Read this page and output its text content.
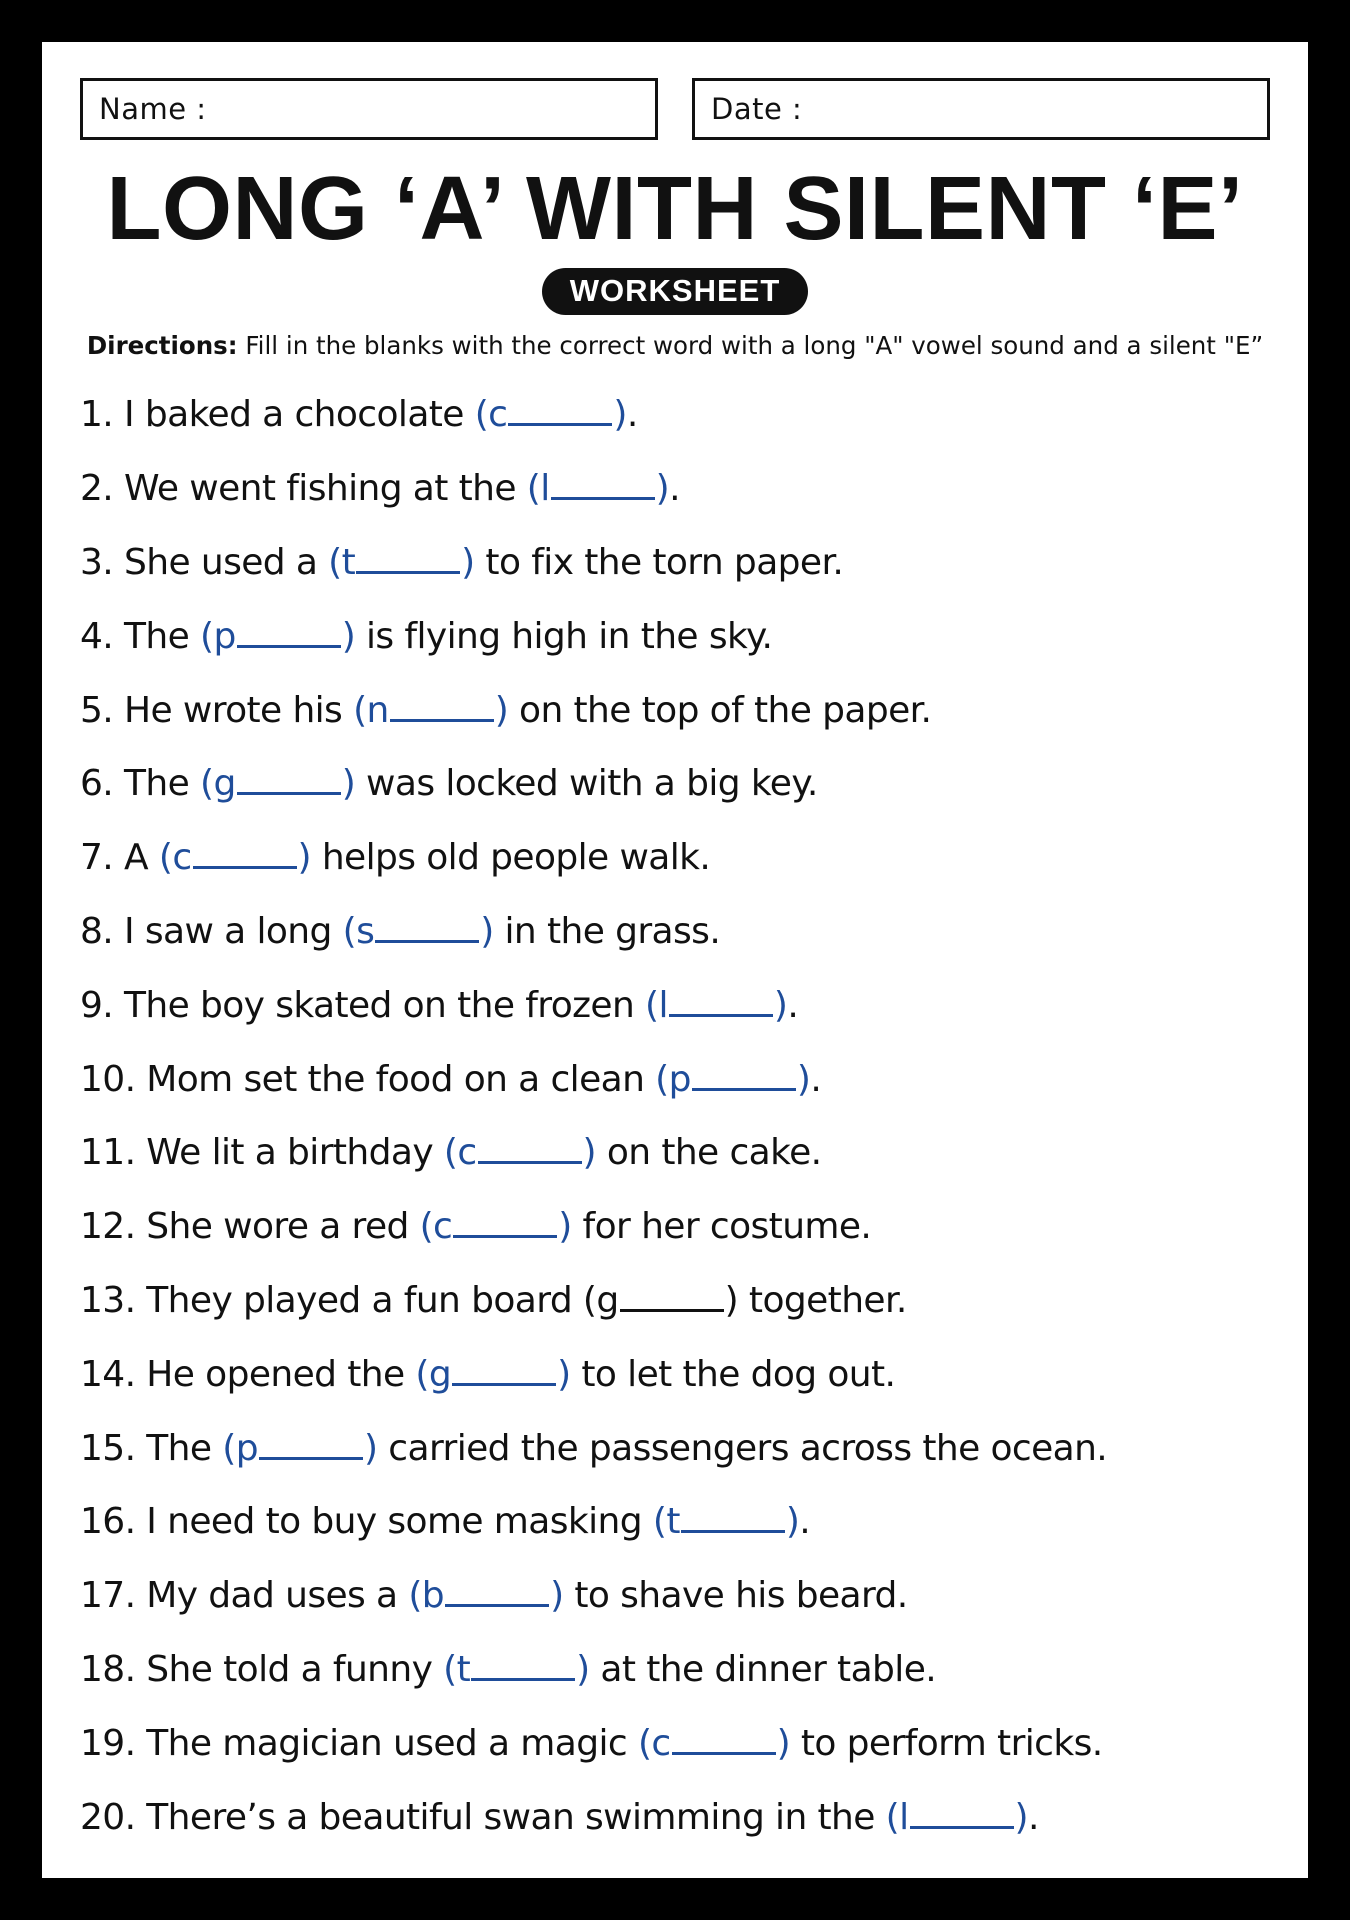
Name :	Date :
LONG ‘A’ WITH SILENT ‘E’
WORKSHEET
Directions: Fill in the blanks with the correct word with a long "A" vowel sound and a silent "E”
1. I baked a chocolate (c	) .
2. We went fishing at the (l	) .
3. She used a (t	) to fix the torn paper.
4. The (p	) is flying high in the sky.
5. He wrote his (n	) on the top of the paper.
6. The (g	) was locked with a big key.
7. A (c	) helps old people walk.
8. I saw a long (s	) in the grass.
9. The boy skated on the frozen (l	) .
10. Mom set the food on a clean (p	) .
11. We lit a birthday (c	) on the cake.
12. She wore a red (c	) for her costume.
13. They played a fun board (g	) together.
14. He opened the (g	) to let the dog out.
15. The (p	) carried the passengers across the ocean.
16. I need to buy some masking (t	) .
17. My dad uses a (b	) to shave his beard.
18. She told a funny (t	) at the dinner table.
19. The magician used a magic (c	) to perform tricks.
20. There’s a beautiful swan swimming in the (l	) .
